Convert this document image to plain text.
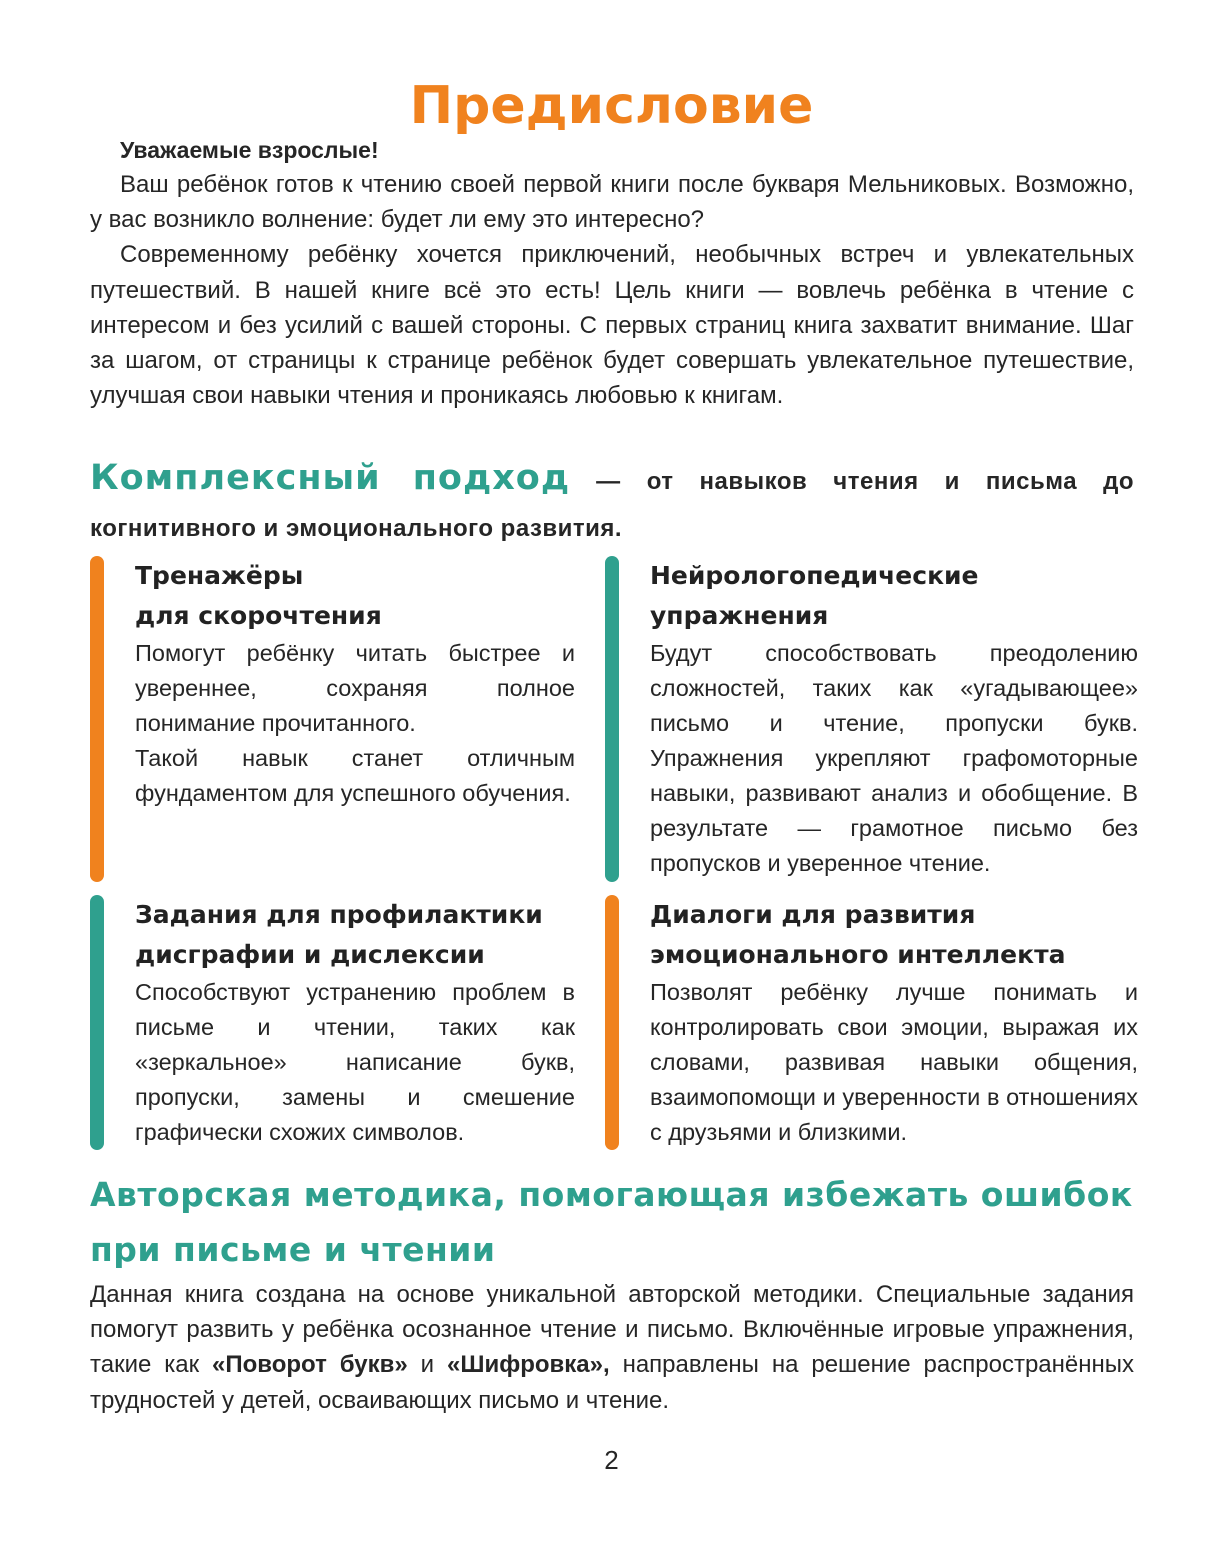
Предисловие
Уважаемые взрослые!

Ваш ребёнок готов к чтению своей первой книги после букваря Мельниковых. Возможно, у вас возникло волнение: будет ли ему это интересно?

Современному ребёнку хочется приключений, необычных встреч и увлекательных путешествий. В нашей книге всё это есть! Цель книги — вовлечь ребёнка в чтение с интересом и без усилий с вашей стороны. С первых страниц книга захватит внимание. Шаг за шагом, от страницы к странице ребёнок будет совершать увлекательное путешествие, улучшая свои навыки чтения и проникаясь любовью к книгам.

Комплексный подход — от навыков чтения и письма до когнитивного и эмоционального развития.
Тренажёры
для скорочтения
Помогут ребёнку читать быстрее и увереннее, сохраняя полное понимание прочитанного.
Такой навык станет отличным фундаментом для успешного обучения.
Нейрологопедические
упражнения
Будут способствовать преодолению сложностей, таких как «угадывающее» письмо и чтение, пропуски букв. Упражнения укрепляют графомоторные навыки, развивают анализ и обобщение. В результате — грамотное письмо без пропусков и уверенное чтение.
Задания для профилактики
дисграфии и дислексии
Способствуют устранению проблем в письме и чтении, таких как «зеркальное» написание букв, пропуски, замены и смешение графически схожих символов.
Диалоги для развития
эмоционального интеллекта
Позволят ребёнку лучше понимать и контролировать свои эмоции, выражая их словами, развивая навыки общения, взаимопомощи и уверенности в отношениях с друзьями и близкими.
Авторская методика, помогающая избежать ошибок при письме и чтении
Данная книга создана на основе уникальной авторской методики. Специальные задания помогут развить у ребёнка осознанное чтение и письмо. Включённые игровые упражнения, такие как «Поворот букв» и «Шифровка», направлены на решение распространённых трудностей у детей, осваивающих письмо и чтение.
2
